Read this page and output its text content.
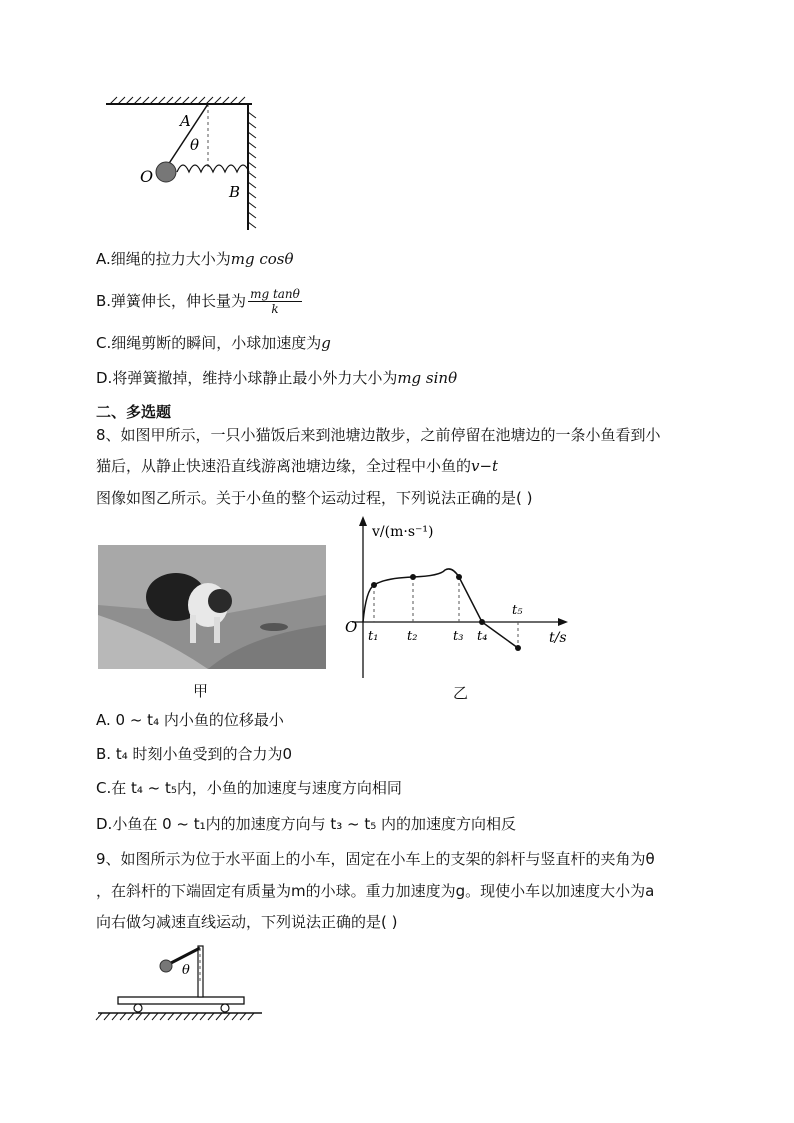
A
θ
O
B
A.细绳的拉力大小为mg cosθ
B.弹簧伸长，伸长量为 $\frac{\text{mg tanθ}}{k}$
C.细绳剪断的瞬间，小球加速度为g
D.将弹簧撤掉，维持小球静止最小外力大小为mg sinθ
二、多选题
8、如图甲所示，一只小猫饭后来到池塘边散步，之前停留在池塘边的一条小鱼看到小
猫后，从静止快速沿直线游离池塘边缘，全过程中小鱼的v−t
图像如图乙所示。关于小鱼的整个运动过程，下列说法正确的是( )
甲
v/(m·s⁻¹)
t/s
O
t₁ t₂	t₃ t₄
t₅
乙
A. 0 ~ t₄ 内小鱼的位移最小
B. t₄ 时刻小鱼受到的合力为0
C.在 t₄ ~ t₅内，小鱼的加速度与速度方向相同
D.小鱼在 0 ~ t₁内的加速度方向与 t₃ ~ t₅ 内的加速度方向相反
9、如图所示为位于水平面上的小车，固定在小车上的支架的斜杆与竖直杆的夹角为θ
，在斜杆的下端固定有质量为m的小球。重力加速度为g。现使小车以加速度大小为a
向右做匀减速直线运动，下列说法正确的是( )
θ
